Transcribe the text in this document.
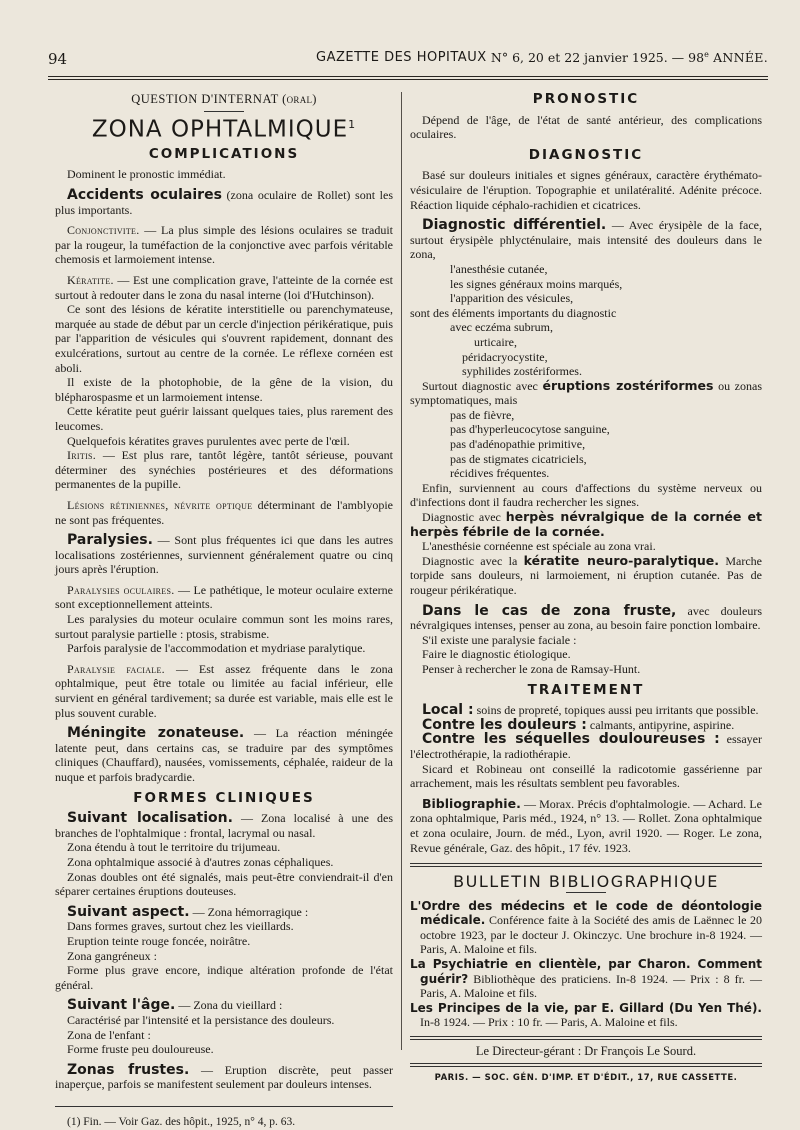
94	GAZETTE DES HOPITAUX N° 6, 20 et 22 janvier 1925. — 98e ANNÉE.
QUESTION D'INTERNAT (oral)
ZONA OPHTALMIQUE$^1$
COMPLICATIONS

Dominent le pronostic immédiat.

Accidents oculaires (zona oculaire de Rollet) sont les plus importants.

Conjonctivite. — La plus simple des lésions oculaires se traduit par la rougeur, la tuméfaction de la conjonctive avec parfois véritable chemosis et larmoiement intense.

Kératite. — Est une complication grave, l'atteinte de la cornée est surtout à redouter dans le zona du nasal interne (loi d'Hutchinson).

Ce sont des lésions de kératite interstitielle ou parenchymateuse, marquée au stade de début par un cercle d'injection périkératique, puis par l'apparition de vésicules qui s'ouvrent rapidement, donnant des exulcérations, surtout au centre de la cornée. Le réflexe cornéen est aboli.

Il existe de la photophobie, de la gêne de la vision, du blépharospasme et un larmoiement intense.

Cette kératite peut guérir laissant quelques taies, plus rarement des leucomes.

Quelquefois kératites graves purulentes avec perte de l'œil.

Iritis. — Est plus rare, tantôt légère, tantôt sérieuse, pouvant déterminer des synéchies postérieures et des déformations permanentes de la pupille.

Lésions rétiniennes, névrite optique déterminant de l'amblyopie ne sont pas fréquentes.

Paralysies. — Sont plus fréquentes ici que dans les autres localisations zostériennes, surviennent généralement quatre ou cinq jours après l'éruption.

Paralysies oculaires. — Le pathétique, le moteur oculaire externe sont exceptionnellement atteints.

Les paralysies du moteur oculaire commun sont les moins rares, surtout paralysie partielle : ptosis, strabisme.

Parfois paralysie de l'accommodation et mydriase paralytique.

Paralysie faciale. — Est assez fréquente dans le zona ophtalmique, peut être totale ou limitée au facial inférieur, elle survient en général tardivement; sa durée est variable, mais elle est le plus souvent curable.

Méningite zonateuse. — La réaction méningée latente peut, dans certains cas, se traduire par des symptômes cliniques (Chauffard), nausées, vomissements, céphalée, raideur de la nuque et parfois bradycardie.

FORMES CLINIQUES

Suivant localisation. — Zona localisé à une des branches de l'ophtalmique : frontal, lacrymal ou nasal.

Zona étendu à tout le territoire du trijumeau.

Zona ophtalmique associé à d'autres zonas céphaliques.

Zonas doubles ont été signalés, mais peut-être conviendrait-il d'en séparer certaines éruptions douteuses.

Suivant aspect. — Zona hémorragique :

Dans formes graves, surtout chez les vieillards.

Eruption teinte rouge foncée, noirâtre.

Zona gangréneux :

Forme plus grave encore, indique altération profonde de l'état général.

Suivant l'âge. — Zona du vieillard :

Caractérisé par l'intensité et la persistance des douleurs.

Zona de l'enfant :

Forme fruste peu douloureuse.

Zonas frustes. — Eruption discrète, peut passer inaperçue, parfois se manifestent seulement par douleurs intenses.

(1) Fin. — Voir Gaz. des hôpit., 1925, n° 4, p. 63.

PRONOSTIC

Dépend de l'âge, de l'état de santé antérieur, des complications oculaires.

DIAGNOSTIC

Basé sur douleurs initiales et signes généraux, caractère érythémato-vésiculaire de l'éruption. Topographie et unilatéralité. Adénite précoce. Réaction liquide céphalo-rachidien et cicatrices.

Diagnostic différentiel. — Avec érysipèle de la face, surtout érysipèle phlycténulaire, mais intensité des douleurs dans le zona,

l'anesthésie cutanée,

les signes généraux moins marqués,

l'apparition des vésicules,

sont des éléments importants du diagnostic

avec eczéma subrum,

urticaire,

péridacryocystite,

syphilides zostériformes.

Surtout diagnostic avec éruptions zostériformes ou zonas symptomatiques, mais

pas de fièvre,

pas d'hyperleucocytose sanguine,

pas d'adénopathie primitive,

pas de stigmates cicatriciels,

récidives fréquentes.

Enfin, surviennent au cours d'affections du système nerveux ou d'infections dont il faudra rechercher les signes.

Diagnostic avec herpès névralgique de la cornée et herpès fébrile de la cornée.

L'anesthésie cornéenne est spéciale au zona vrai.

Diagnostic avec la kératite neuro-paralytique. Marche torpide sans douleurs, ni larmoiement, ni éruption cutanée. Pas de rougeur périkératique.

Dans le cas de zona fruste, avec douleurs névralgiques intenses, penser au zona, au besoin faire ponction lombaire.

S'il existe une paralysie faciale :

Faire le diagnostic étiologique.

Penser à rechercher le zona de Ramsay-Hunt.

TRAITEMENT

Local : soins de propreté, topiques aussi peu irritants que possible.

Contre les douleurs : calmants, antipyrine, aspirine.

Contre les séquelles douloureuses : essayer l'électrothérapie, la radiothérapie.

Sicard et Robineau ont conseillé la radicotomie gassérienne par arrachement, mais les résultats semblent peu favorables.

Bibliographie. — Morax. Précis d'ophtalmologie. — Achard. Le zona ophtalmique, Paris méd., 1924, n° 13. — Rollet. Zona ophtalmique et zona oculaire, Journ. de méd., Lyon, avril 1920. — Roger. Le zona, Revue générale, Gaz. des hôpit., 17 fév. 1923.

BULLETIN BIBLIOGRAPHIQUE

L'Ordre des médecins et le code de déontologie médicale. Conférence faite à la Société des amis de Laënnec le 20 octobre 1923, par le docteur J. Okinczyc. Une brochure in-8 1924. — Paris, A. Maloine et fils.

La Psychiatrie en clientèle, par Charon. Comment guérir? Bibliothèque des praticiens. In-8 1924. — Prix : 8 fr. — Paris, A. Maloine et fils.

Les Principes de la vie, par E. Gillard (Du Yen Thé). In-8 1924. — Prix : 10 fr. — Paris, A. Maloine et fils.

Le Directeur-gérant : Dr François Le Sourd.
PARIS. — SOC. GÉN. D'IMP. ET D'ÉDIT., 17, RUE CASSETTE.
